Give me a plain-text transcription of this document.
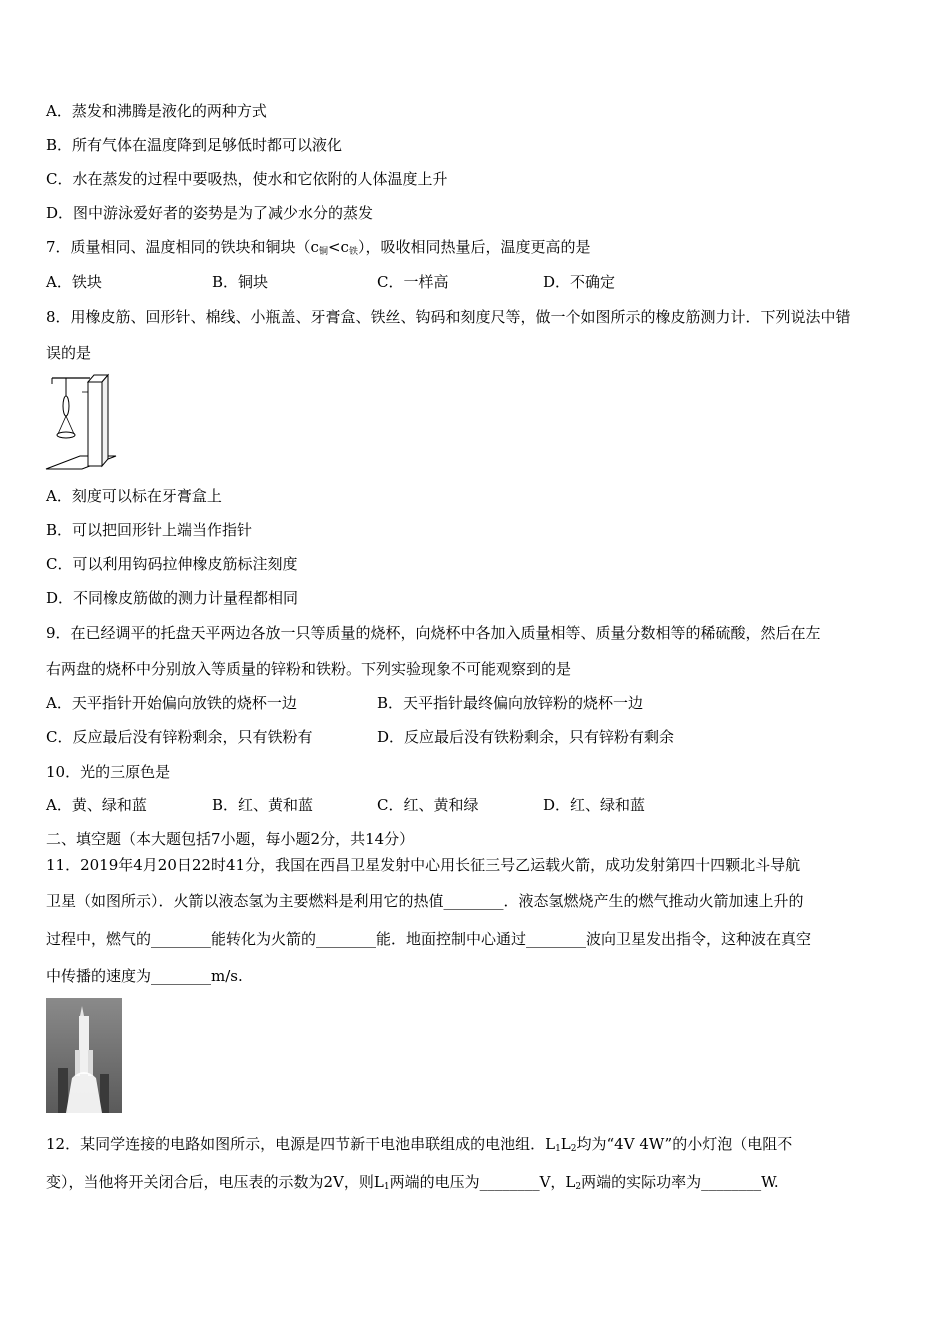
A．蒸发和沸腾是液化的两种方式
B．所有气体在温度降到足够低时都可以液化
C．水在蒸发的过程中要吸热，使水和它依附的人体温度上升
D．图中游泳爱好者的姿势是为了减少水分的蒸发
7．质量相同、温度相同的铁块和铜块$(c_铜<c_铁)$，吸收相同热量后，温度更高的是
A．铁块	B．铜块	C．一样高	D．不确定
8．用橡皮筋、回形针、棉线、小瓶盖、牙膏盒、铁丝、钩码和刻度尺等，做一个如图所示的橡皮筋测力计．下列说法中错
误的是
A．刻度可以标在牙膏盒上
B．可以把回形针上端当作指针
C．可以利用钩码拉伸橡皮筋标注刻度
D．不同橡皮筋做的测力计量程都相同
9．在已经调平的托盘天平两边各放一只等质量的烧杯，向烧杯中各加入质量相等、质量分数相等的稀硫酸，然后在左
右两盘的烧杯中分别放入等质量的锌粉和铁粉。下列实验现象不可能观察到的是
A．天平指针开始偏向放铁的烧杯一边	B．天平指针最终偏向放锌粉的烧杯一边
C．反应最后没有锌粉剩余，只有铁粉有	D．反应最后没有铁粉剩余，只有锌粉有剩余
10．光的三原色是
A．黄、绿和蓝	B．红、黄和蓝	C．红、黄和绿	D．红、绿和蓝
二、填空题（本大题包括7小题，每小题2分，共14分）
11．2019年4月20日22时41分，我国在西昌卫星发射中心用长征三号乙运载火箭，成功发射第四十四颗北斗导航
卫星（如图所示）．火箭以液态氢为主要燃料是利用它的热值________．液态氢燃烧产生的燃气推动火箭加速上升的
过程中，燃气的________能转化为火箭的________能．地面控制中心通过________波向卫星发出指令，这种波在真空
中传播的速度为________m/s.
12．某同学连接的电路如图所示，电源是四节新干电池串联组成的电池组．$L_1L_2$均为“4V 4W”的小灯泡（电阻不
变），当他将开关闭合后，电压表的示数为2V，则$L_1$两端的电压为________V，$L_2$两端的实际功率为________W.
